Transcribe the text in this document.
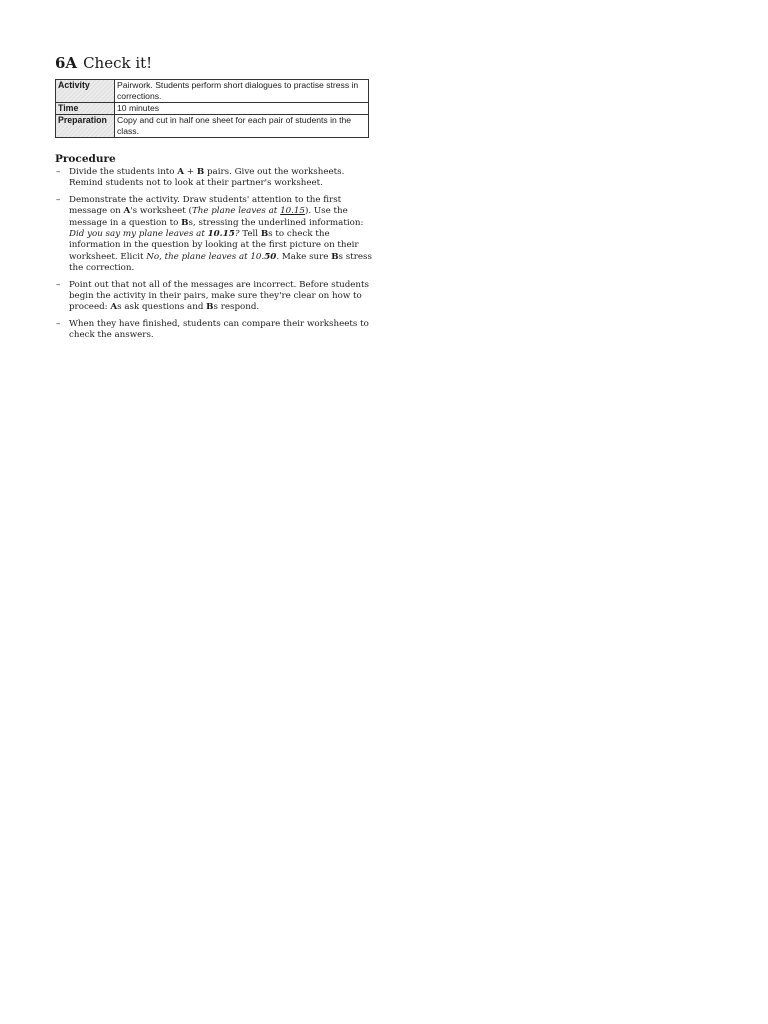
6A Check it!
Activity	Pairwork. Students perform short dialogues to practise stress in corrections.
Time	10 minutes
Preparation	Copy and cut in half one sheet for each pair of students in the class.
Procedure
– Divide the students into A + B pairs. Give out the worksheets. Remind students not to look at their partner's worksheet.
– Demonstrate the activity. Draw students' attention to the first message on A's worksheet (The plane leaves at 10.15). Use the message in a question to Bs, stressing the underlined information: Did you say my plane leaves at 10.15? Tell Bs to check the information in the question by looking at the first picture on their worksheet. Elicit No, the plane leaves at 10.50. Make sure Bs stress the correction.
– Point out that not all of the messages are incorrect. Before students begin the activity in their pairs, make sure they're clear on how to proceed: As ask questions and Bs respond.
– When they have finished, students can compare their worksheets to check the answers.
